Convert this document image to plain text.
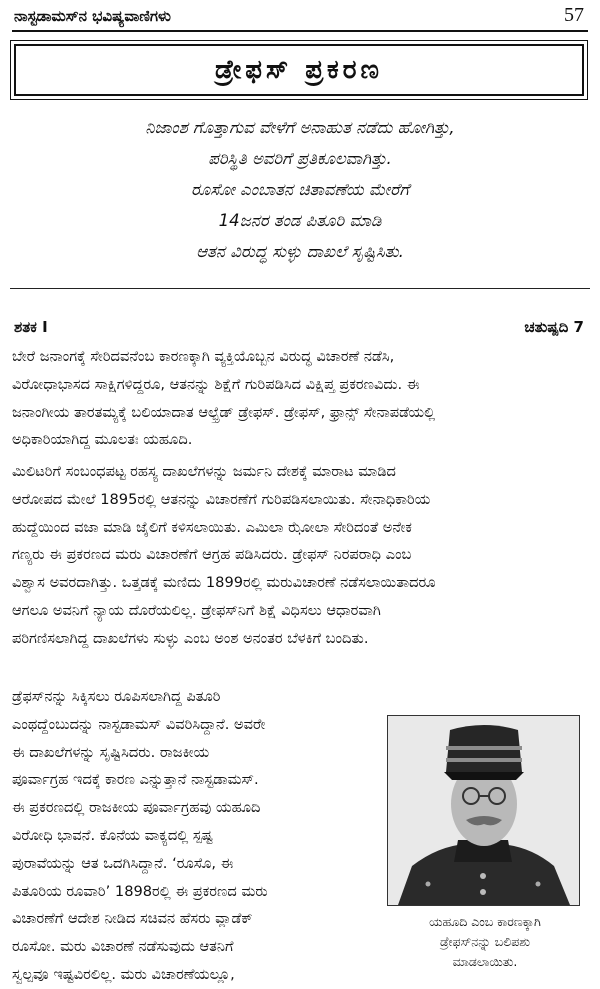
ನಾಸ್ಟಡಾಮಸ್‌ನ ಭವಿಷ್ಯವಾಣಿಗಳು	57
ಡ್ರೇಫಸ್ ಪ್ರಕರಣ
ನಿಜಾಂಶ ಗೊತ್ತಾಗುವ ವೇಳೆಗೆ ಅನಾಹುತ ನಡೆದು ಹೋಗಿತ್ತು,
ಪರಿಸ್ಥಿತಿ ಅವರಿಗೆ ಪ್ರತಿಕೂಲವಾಗಿತ್ತು.
ರೂಸೋ ಎಂಬಾತನ ಚಿತಾವಣೆಯ ಮೇರೆಗೆ
14ಜನರ ತಂಡ ಪಿತೂರಿ ಮಾಡಿ
ಆತನ ವಿರುದ್ಧ ಸುಳ್ಳು ದಾಖಲೆ ಸೃಷ್ಟಿಸಿತು.
ಶತಕ I	ಚತುಷ್ಪದಿ 7
ಬೇರೆ ಜನಾಂಗಕ್ಕೆ ಸೇರಿದವನೆಂಬ ಕಾರಣಕ್ಕಾಗಿ ವ್ಯಕ್ತಿಯೊಬ್ಬನ ವಿರುದ್ಧ ವಿಚಾರಣೆ ನಡೆಸಿ,
ವಿರೋಧಾಭಾಸದ ಸಾಕ್ಷಿಗಳಿದ್ದರೂ, ಆತನನ್ನು ಶಿಕ್ಷೆಗೆ ಗುರಿಪಡಿಸಿದ ವಿಕ್ಷಿಪ್ತ ಪ್ರಕರಣವಿದು. ಈ
ಜನಾಂಗೀಯ ತಾರತಮ್ಯಕ್ಕೆ ಬಲಿಯಾದಾತ ಆಲ್ಫ್ರೆಡ್ ಡ್ರೇಫಸ್. ಡ್ರೇಫಸ್, ಫ್ರಾನ್ಸ್ ಸೇನಾಪಡೆಯಲ್ಲಿ
ಅಧಿಕಾರಿಯಾಗಿದ್ದ ಮೂಲತಃ ಯಹೂದಿ.
ಮಿಲಿಟರಿಗೆ ಸಂಬಂಧಪಟ್ಟ ರಹಸ್ಯ ದಾಖಲೆಗಳನ್ನು ಜರ್ಮನಿ ದೇಶಕ್ಕೆ ಮಾರಾಟ ಮಾಡಿದ
ಆರೋಪದ ಮೇಲೆ 1895ರಲ್ಲಿ ಆತನನ್ನು ವಿಚಾರಣೆಗೆ ಗುರಿಪಡಿಸಲಾಯಿತು. ಸೇನಾಧಿಕಾರಿಯ
ಹುದ್ದೆಯಿಂದ ವಜಾ ಮಾಡಿ ಜೈಲಿಗೆ ಕಳಿಸಲಾಯಿತು. ಎಮಿಲಾ ಝೋಲಾ ಸೇರಿದಂತೆ ಅನೇಕ
ಗಣ್ಯರು ಈ ಪ್ರಕರಣದ ಮರು ವಿಚಾರಣೆಗೆ ಆಗ್ರಹ ಪಡಿಸಿದರು. ಡ್ರೇಫಸ್ ನಿರಪರಾಧಿ ಎಂಬ
ವಿಶ್ವಾಸ ಅವರದಾಗಿತ್ತು. ಒತ್ತಡಕ್ಕೆ ಮಣಿದು 1899ರಲ್ಲಿ ಮರುವಿಚಾರಣೆ ನಡೆಸಲಾಯಿತಾದರೂ
ಆಗಲೂ ಅವನಿಗೆ ನ್ಯಾಯ ದೊರೆಯಲಿಲ್ಲ. ಡ್ರೇಫಸ್‌ನಿಗೆ ಶಿಕ್ಷೆ ವಿಧಿಸಲು ಆಧಾರವಾಗಿ
ಪರಿಗಣಿಸಲಾಗಿದ್ದ ದಾಖಲೆಗಳು ಸುಳ್ಳು ಎಂಬ ಅಂಶ ಅನಂತರ ಬೆಳಕಿಗೆ ಬಂದಿತು.
ಡ್ರೆಫಸ್‌ನನ್ನು ಸಿಕ್ಕಿಸಲು ರೂಪಿಸಲಾಗಿದ್ದ ಪಿತೂರಿ
ಎಂಥದ್ದೆಂಬುದನ್ನು ನಾಸ್ಟಡಾಮಸ್ ವಿವರಿಸಿದ್ದಾನೆ. ಅವರೇ
ಈ ದಾಖಲೆಗಳನ್ನು ಸೃಷ್ಟಿಸಿದರು. ರಾಜಕೀಯ
ಪೂರ್ವಾಗ್ರಹ ಇದಕ್ಕೆ ಕಾರಣ ಎನ್ನುತ್ತಾನೆ ನಾಸ್ಟಡಾಮಸ್.
ಈ ಪ್ರಕರಣದಲ್ಲಿ ರಾಜಕೀಯ ಪೂರ್ವಾಗ್ರಹವು ಯಹೂದಿ
ವಿರೋಧಿ ಭಾವನೆ. ಕೊನೆಯ ವಾಕ್ಯದಲ್ಲಿ ಸ್ಪಷ್ಟ
ಪುರಾವೆಯನ್ನು ಆತ ಒದಗಿಸಿದ್ದಾನೆ. ‘ರೂಸೊ, ಈ
ಪಿತೂರಿಯ ರೂವಾರಿ’ 1898ರಲ್ಲಿ ಈ ಪ್ರಕರಣದ ಮರು
ವಿಚಾರಣೆಗೆ ಆದೇಶ ನೀಡಿದ ಸಚಿವನ ಹೆಸರು ವ್ಲಾಡೆಕ್
ರೂಸೋ. ಮರು ವಿಚಾರಣೆ ನಡೆಸುವುದು ಆತನಿಗೆ
ಸ್ವಲ್ಪವೂ ಇಷ್ಟವಿರಲಿಲ್ಲ. ಮರು ವಿಚಾರಣೆಯಲ್ಲೂ,
ಯಹೂದಿ ಎಂಬ ಕಾರಣಕ್ಕಾಗಿ
ಡ್ರೇಫಸ್‌ನನ್ನು ಬಲಿಪಶು
ಮಾಡಲಾಯಿತು.
